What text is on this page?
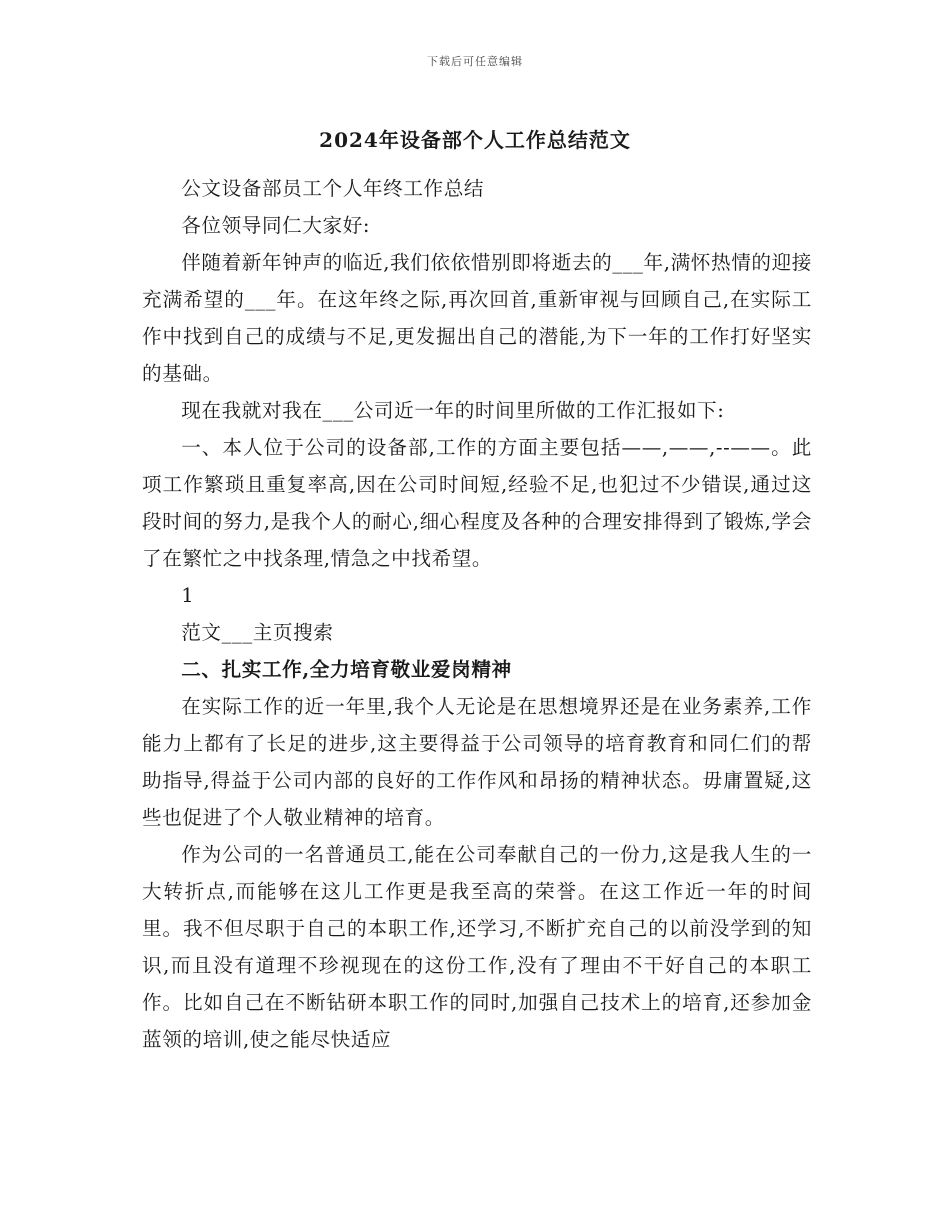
下载后可任意编辑
2024年设备部个人工作总结范文

公文设备部员工个人年终工作总结

各位领导同仁大家好:

伴随着新年钟声的临近,我们依依惜别即将逝去的___年,满怀热情的迎接充满希望的___年。在这年终之际,再次回首,重新审视与回顾自己,在实际工作中找到自己的成绩与不足,更发掘出自己的潜能,为下一年的工作打好坚实的基础。

现在我就对我在___公司近一年的时间里所做的工作汇报如下:

一、本人位于公司的设备部,工作的方面主要包括——,——,--——。此项工作繁琐且重复率高,因在公司时间短,经验不足,也犯过不少错误,通过这段时间的努力,是我个人的耐心,细心程度及各种的合理安排得到了锻炼,学会了在繁忙之中找条理,情急之中找希望。

1

范文___主页搜索

二、扎实工作,全力培育敬业爱岗精神

在实际工作的近一年里,我个人无论是在思想境界还是在业务素养,工作能力上都有了长足的进步,这主要得益于公司领导的培育教育和同仁们的帮助指导,得益于公司内部的良好的工作作风和昂扬的精神状态。毋庸置疑,这些也促进了个人敬业精神的培育。

作为公司的一名普通员工,能在公司奉献自己的一份力,这是我人生的一大转折点,而能够在这儿工作更是我至高的荣誉。在这工作近一年的时间里。我不但尽职于自己的本职工作,还学习,不断扩充自己的以前没学到的知识,而且没有道理不珍视现在的这份工作,没有了理由不干好自己的本职工作。比如自己在不断钻研本职工作的同时,加强自己技术上的培育,还参加金蓝领的培训,使之能尽快适应
